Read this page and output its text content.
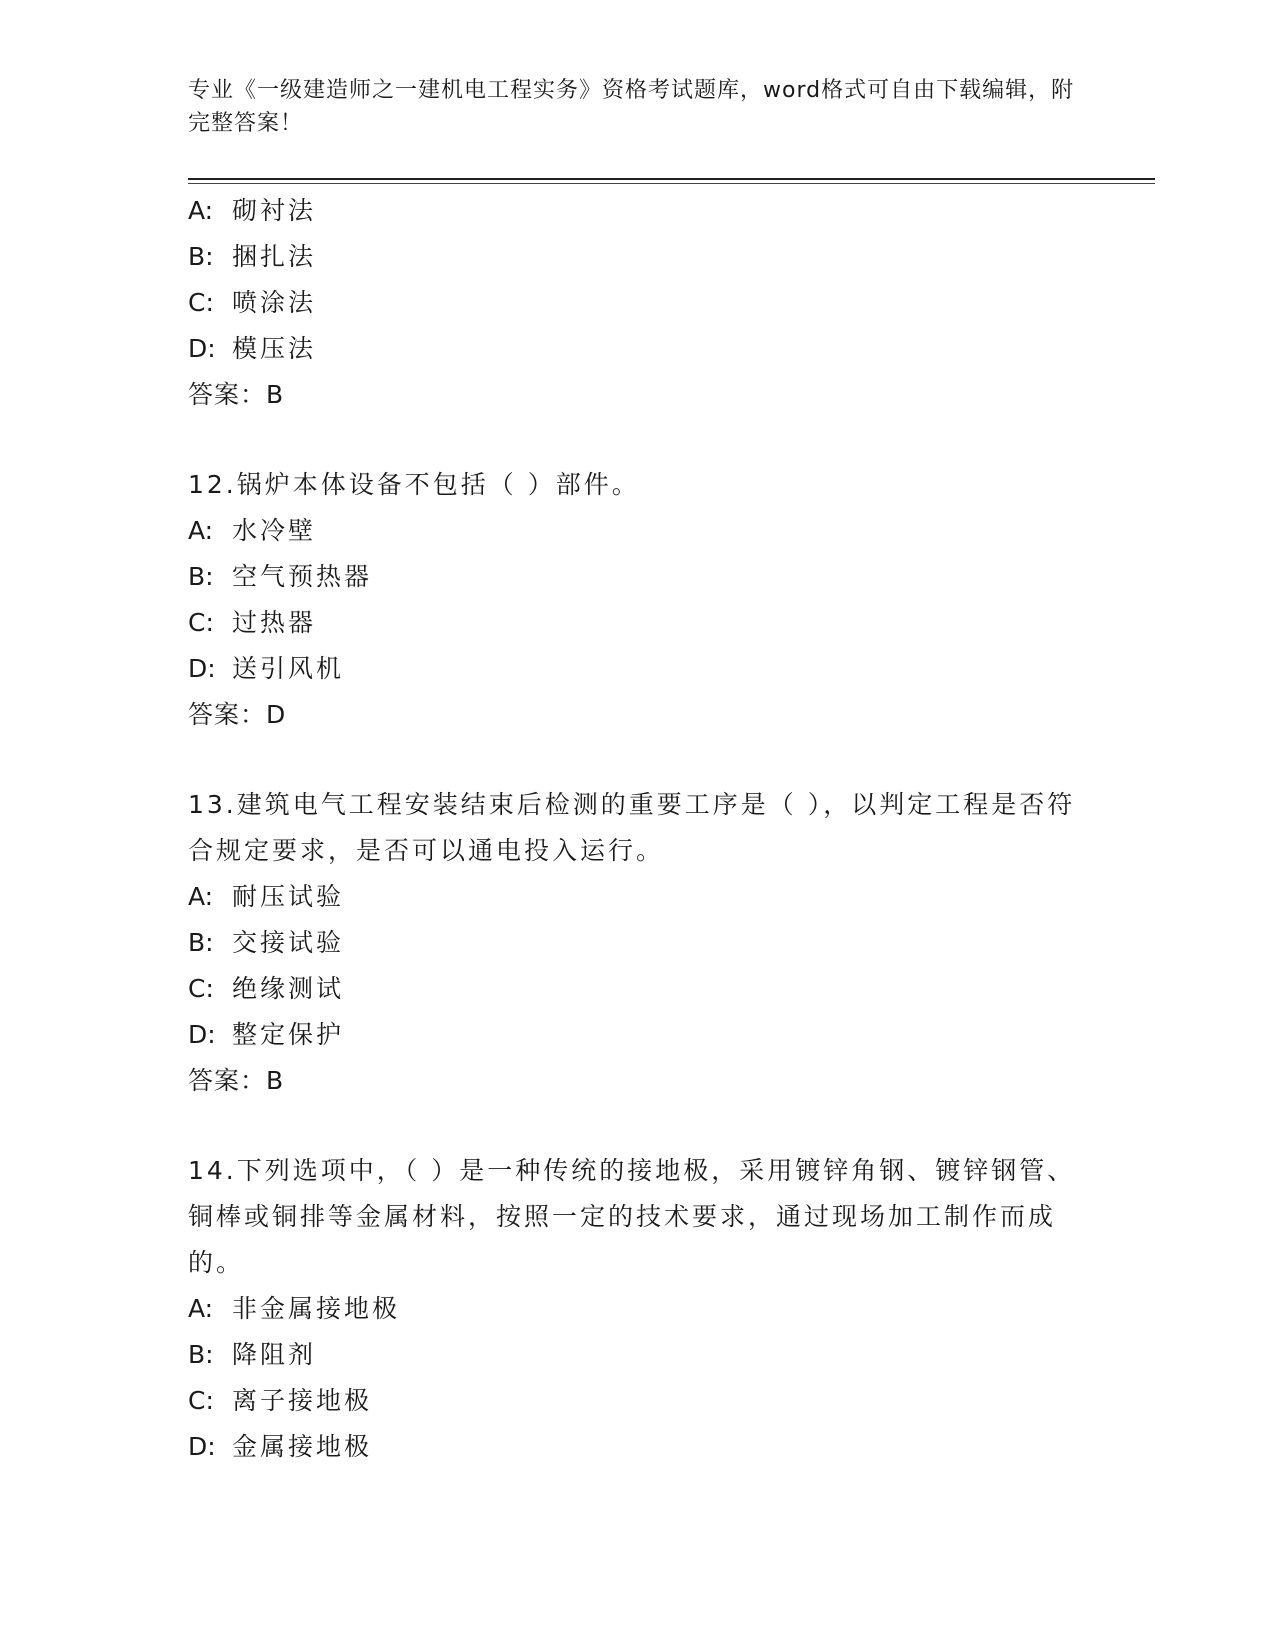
专业《一级建造师之一建机电工程实务》资格考试题库，word格式可自由下载编辑，附完整答案！
A: 砌衬法
B: 捆扎法
C: 喷涂法
D: 模压法
答案：B
12.锅炉本体设备不包括（ ）部件。
A: 水冷壁
B: 空气预热器
C: 过热器
D: 送引风机
答案：D
13.建筑电气工程安装结束后检测的重要工序是（ ），以判定工程是否符合规定要求，是否可以通电投入运行。
A: 耐压试验
B: 交接试验
C: 绝缘测试
D: 整定保护
答案：B
14.下列选项中，（ ）是一种传统的接地极，采用镀锌角钢、镀锌钢管、铜棒或铜排等金属材料，按照一定的技术要求，通过现场加工制作而成的。
A: 非金属接地极
B: 降阻剂
C: 离子接地极
D: 金属接地极
